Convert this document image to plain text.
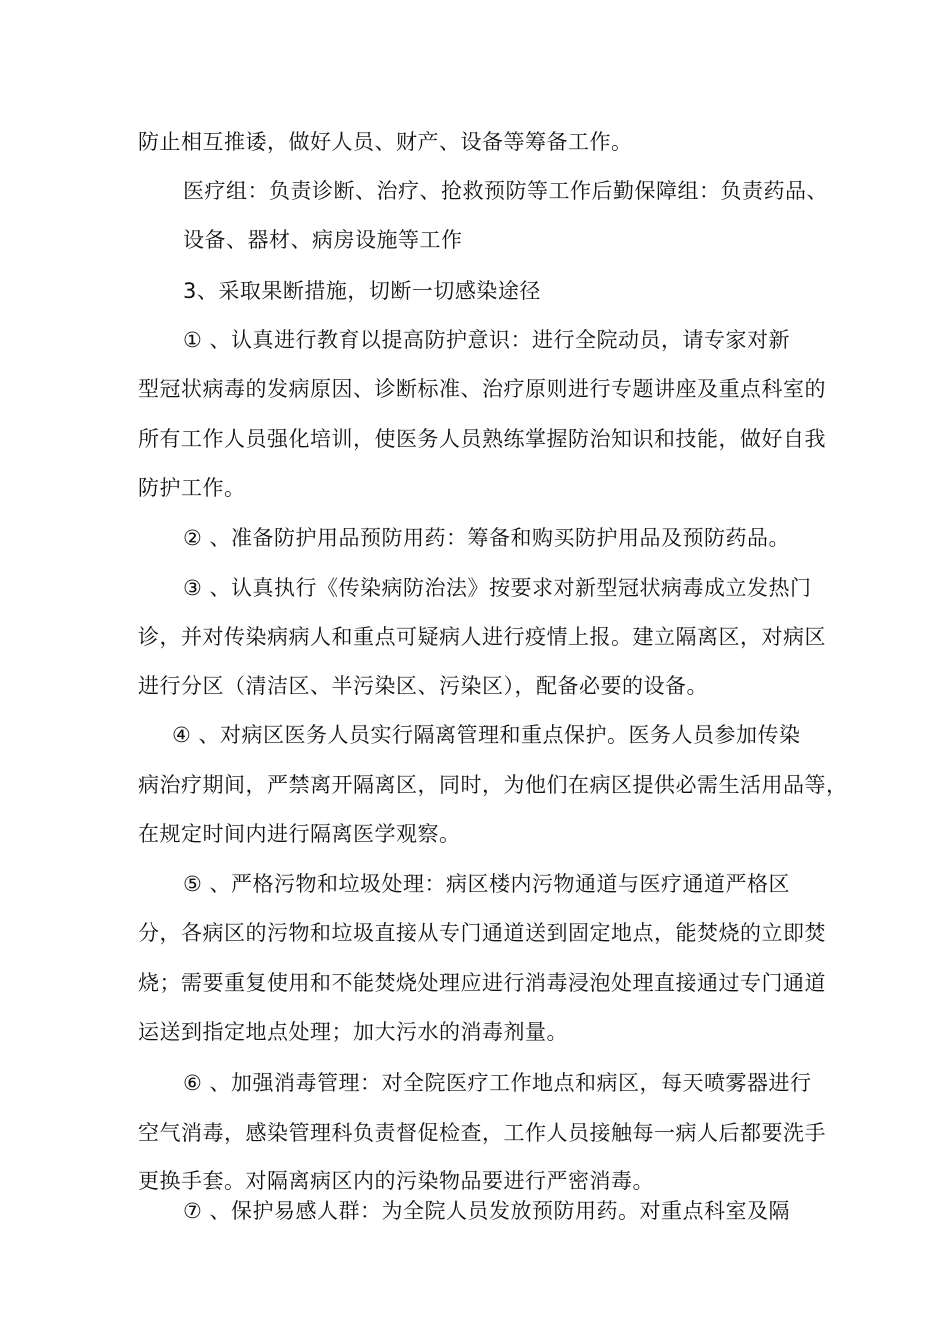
防止相互推诿，做好人员、财产、设备等筹备工作。
医疗组：负责诊断、治疗、抢救预防等工作后勤保障组：负责药品、
设备、器材、病房设施等工作
3、采取果断措施，切断一切感染途径
① 、认真进行教育以提高防护意识：进行全院动员，请专家对新
型冠状病毒的发病原因、诊断标准、治疗原则进行专题讲座及重点科室的
所有工作人员强化培训，使医务人员熟练掌握防治知识和技能，做好自我
防护工作。
② 、准备防护用品预防用药：筹备和购买防护用品及预防药品。
③ 、认真执行《传染病防治法》按要求对新型冠状病毒成立发热门
诊，并对传染病病人和重点可疑病人进行疫情上报。建立隔离区，对病区
进行分区（清洁区、半污染区、污染区），配备必要的设备。
④ 、对病区医务人员实行隔离管理和重点保护。医务人员参加传染
病治疗期间，严禁离开隔离区，同时，为他们在病区提供必需生活用品等，
在规定时间内进行隔离医学观察。
⑤ 、严格污物和垃圾处理：病区楼内污物通道与医疗通道严格区
分，各病区的污物和垃圾直接从专门通道送到固定地点，能焚烧的立即焚
烧；需要重复使用和不能焚烧处理应进行消毒浸泡处理直接通过专门通道
运送到指定地点处理；加大污水的消毒剂量。
⑥ 、加强消毒管理：对全院医疗工作地点和病区，每天喷雾器进行
空气消毒，感染管理科负责督促检查，工作人员接触每一病人后都要洗手
更换手套。对隔离病区内的污染物品要进行严密消毒。
⑦ 、保护易感人群：为全院人员发放预防用药。对重点科室及隔
